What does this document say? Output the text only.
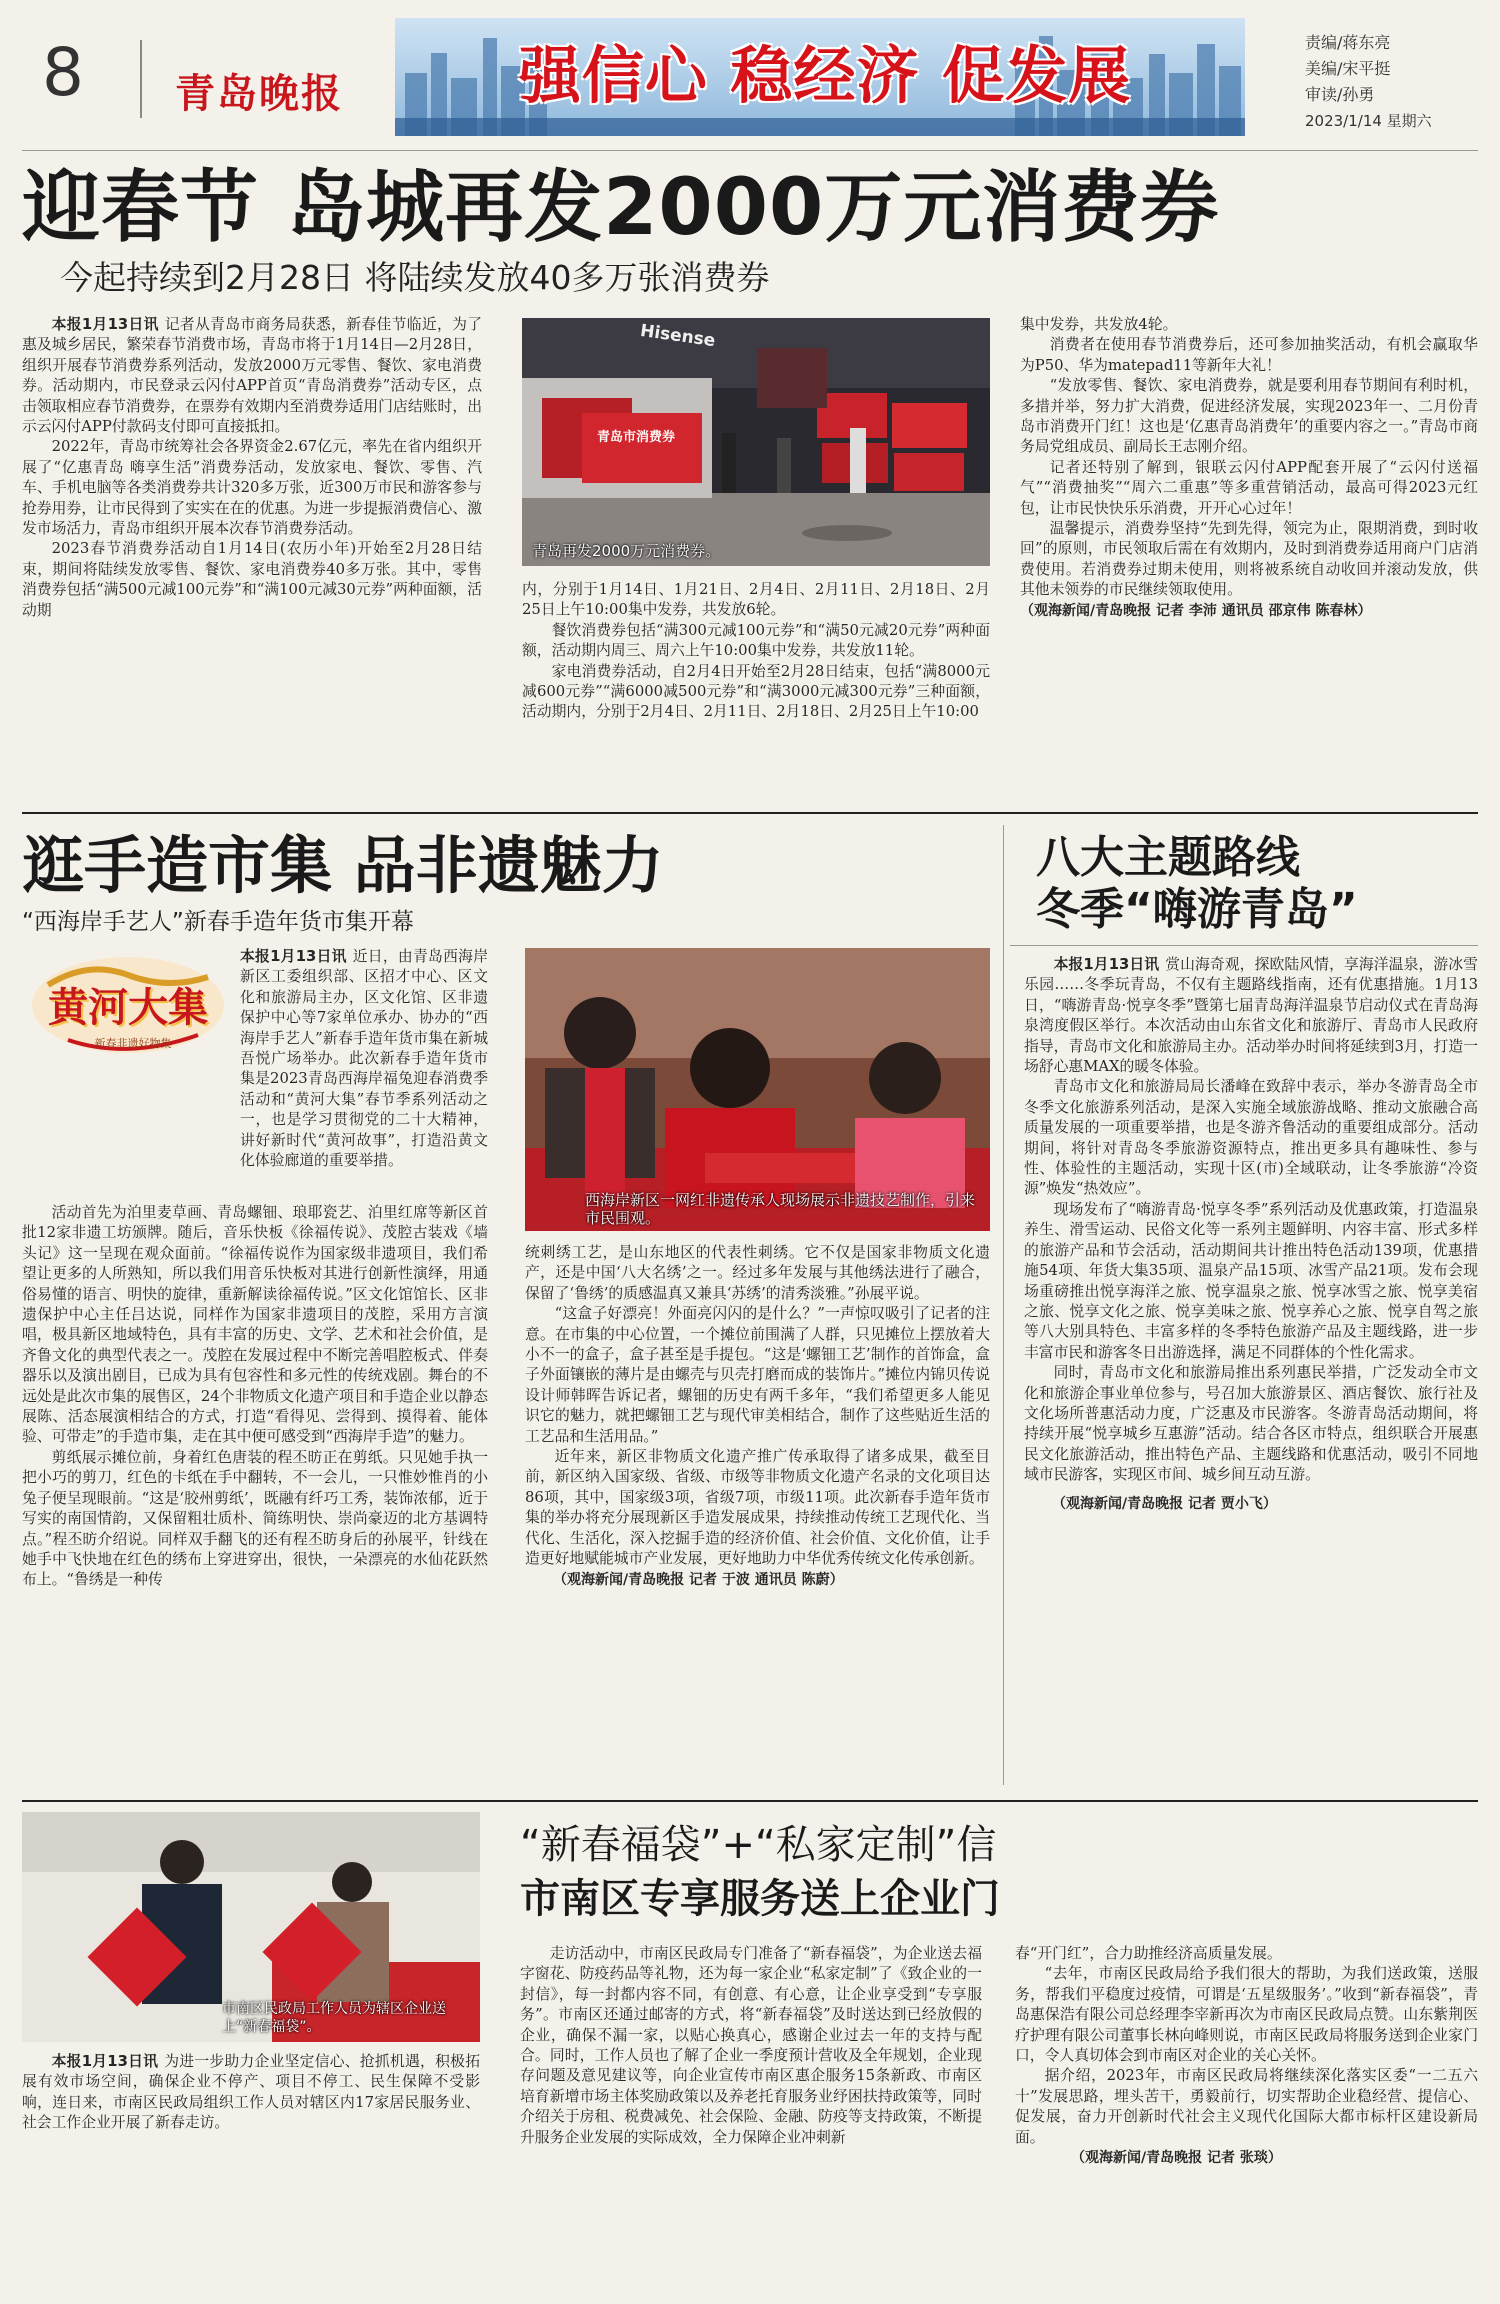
8 青岛晚报	强信心 稳经济 促发展	责编/蒋东亮
美编/宋平挺
审读/孙勇
2023/1/14 星期六
迎春节 岛城再发2000万元消费券
今起持续到2月28日 将陆续发放40多万张消费券

本报1月13日讯 记者从青岛市商务局获悉，新春佳节临近，为了惠及城乡居民，繁荣春节消费市场，青岛市将于1月14日—2月28日，组织开展春节消费券系列活动，发放2000万元零售、餐饮、家电消费券。活动期内，市民登录云闪付APP首页“青岛消费券”活动专区，点击领取相应春节消费券，在票券有效期内至消费券适用门店结账时，出示云闪付APP付款码支付即可直接抵扣。

2022年，青岛市统筹社会各界资金2.67亿元，率先在省内组织开展了“亿惠青岛 嗨享生活”消费券活动，发放家电、餐饮、零售、汽车、手机电脑等各类消费券共计320多万张，近300万市民和游客参与抢券用券，让市民得到了实实在在的优惠。为进一步提振消费信心、激发市场活力，青岛市组织开展本次春节消费券活动。

2023春节消费券活动自1月14日(农历小年)开始至2月28日结束，期间将陆续发放零售、餐饮、家电消费券40多万张。其中，零售消费券包括“满500元减100元券”和“满100元减30元券”两种面额，活动期

Hisense
青岛市消费券
青岛再发2000万元消费券。

内，分别于1月14日、1月21日、2月4日、2月11日、2月18日、2月25日上午10:00集中发券，共发放6轮。

餐饮消费券包括“满300元减100元券”和“满50元减20元券”两种面额，活动期内周三、周六上午10:00集中发券，共发放11轮。

家电消费券活动，自2月4日开始至2月28日结束，包括“满8000元减600元券”“满6000减500元券”和“满3000元减300元券”三种面额，活动期内，分别于2月4日、2月11日、2月18日、2月25日上午10:00

集中发券，共发放4轮。

消费者在使用春节消费券后，还可参加抽奖活动，有机会赢取华为P50、华为matepad11等新年大礼！

“发放零售、餐饮、家电消费券，就是要利用春节期间有利时机，多措并举，努力扩大消费，促进经济发展，实现2023年一、二月份青岛市消费开门红！这也是‘亿惠青岛消费年’的重要内容之一。”青岛市商务局党组成员、副局长王志刚介绍。

记者还特别了解到，银联云闪付APP配套开展了“云闪付送福气”“消费抽奖”“周六二重惠”等多重营销活动，最高可得2023元红包，让市民快快乐乐消费，开开心心过年！

温馨提示，消费券坚持“先到先得，领完为止，限期消费，到时收回”的原则，市民领取后需在有效期内，及时到消费券适用商户门店消费使用。若消费券过期未使用，则将被系统自动收回并滚动发放，供其他未领券的市民继续领取使用。

（观海新闻/青岛晚报 记者 李沛 通讯员 邵京伟 陈春林）

逛手造市集 品非遗魅力
“西海岸手艺人”新春手造年货市集开幕
黄河大集
新春非遗好物集

本报1月13日讯 近日，由青岛西海岸新区工委组织部、区招才中心、区文化和旅游局主办，区文化馆、区非遗保护中心等7家单位承办、协办的“西海岸手艺人”新春手造年货市集在新城吾悦广场举办。此次新春手造年货市集是2023青岛西海岸福兔迎春消费季活动和“黄河大集”春节季系列活动之一，也是学习贯彻党的二十大精神，讲好新时代“黄河故事”，打造沿黄文化体验廊道的重要举措。

活动首先为泊里麦草画、青岛螺钿、琅耶瓷艺、泊里红席等新区首批12家非遗工坊颁牌。随后，音乐快板《徐福传说》、茂腔古装戏《墙头记》这一呈现在观众面前。“徐福传说作为国家级非遗项目，我们希望让更多的人所熟知，所以我们用音乐快板对其进行创新性演绎，用通俗易懂的语言、明快的旋律，重新解读徐福传说。”区文化馆馆长、区非遗保护中心主任吕达说，同样作为国家非遗项目的茂腔，采用方言演唱，极具新区地域特色，具有丰富的历史、文学、艺术和社会价值，是齐鲁文化的典型代表之一。茂腔在发展过程中不断完善唱腔板式、伴奏器乐以及演出剧目，已成为具有包容性和多元性的传统戏剧。舞台的不远处是此次市集的展售区，24个非物质文化遗产项目和手造企业以静态展陈、活态展演相结合的方式，打造“看得见、尝得到、摸得着、能体验、可带走”的手造市集，走在其中便可感受到“西海岸手造”的魅力。

剪纸展示摊位前，身着红色唐装的程丕昉正在剪纸。只见她手执一把小巧的剪刀，红色的卡纸在手中翻转，不一会儿，一只惟妙惟肖的小兔子便呈现眼前。“这是‘胶州剪纸’，既融有纤巧工秀，装饰浓郁，近于写实的南国情韵，又保留粗壮质朴、简练明快、崇尚豪迈的北方基调特点。”程丕昉介绍说。同样双手翻飞的还有程丕昉身后的孙展平，针线在她手中飞快地在红色的绣布上穿进穿出，很快，一朵漂亮的水仙花跃然布上。“鲁绣是一种传

西海岸新区一网红非遗传承人现场展示非遗技艺制作，引来市民围观。

统刺绣工艺，是山东地区的代表性刺绣。它不仅是国家非物质文化遗产，还是中国‘八大名绣’之一。经过多年发展与其他绣法进行了融合，保留了‘鲁绣’的质感温真又兼具‘苏绣’的清秀淡雅。”孙展平说。

“这盒子好漂亮！外面亮闪闪的是什么？”一声惊叹吸引了记者的注意。在市集的中心位置，一个摊位前围满了人群，只见摊位上摆放着大小不一的盒子，盒子甚至是手提包。“这是‘螺钿工艺’制作的首饰盒，盒子外面镶嵌的薄片是由螺壳与贝壳打磨而成的装饰片。”摊位内锦贝传说设计师韩晖告诉记者，螺钿的历史有两千多年，“我们希望更多人能见识它的魅力，就把螺钿工艺与现代审美相结合，制作了这些贴近生活的工艺品和生活用品。”

近年来，新区非物质文化遗产推广传承取得了诸多成果，截至目前，新区纳入国家级、省级、市级等非物质文化遗产名录的文化项目达86项，其中，国家级3项，省级7项，市级11项。此次新春手造年货市集的举办将充分展现新区手造发展成果，持续推动传统工艺现代化、当代化、生活化，深入挖掘手造的经济价值、社会价值、文化价值，让手造更好地赋能城市产业发展，更好地助力中华优秀传统文化传承创新。

（观海新闻/青岛晚报 记者 于波 通讯员 陈蔚）

八大主题路线
冬季“嗨游青岛”

本报1月13日讯 赏山海奇观，探欧陆风情，享海洋温泉，游冰雪乐园……冬季玩青岛，不仅有主题路线指南，还有优惠措施。1月13日，“嗨游青岛·悦享冬季”暨第七届青岛海洋温泉节启动仪式在青岛海泉湾度假区举行。本次活动由山东省文化和旅游厅、青岛市人民政府指导，青岛市文化和旅游局主办。活动举办时间将延续到3月，打造一场舒心惠MAX的暖冬体验。

青岛市文化和旅游局局长潘峰在致辞中表示，举办冬游青岛全市冬季文化旅游系列活动，是深入实施全域旅游战略、推动文旅融合高质量发展的一项重要举措，也是冬游齐鲁活动的重要组成部分。活动期间，将针对青岛冬季旅游资源特点，推出更多具有趣味性、参与性、体验性的主题活动，实现十区(市)全域联动，让冬季旅游“冷资源”焕发“热效应”。

现场发布了“嗨游青岛·悦享冬季”系列活动及优惠政策，打造温泉养生、滑雪运动、民俗文化等一系列主题鲜明、内容丰富、形式多样的旅游产品和节会活动，活动期间共计推出特色活动139项，优惠措施54项、年货大集35项、温泉产品15项、冰雪产品21项。发布会现场重磅推出悦享海洋之旅、悦享温泉之旅、悦享冰雪之旅、悦享美宿之旅、悦享文化之旅、悦享美味之旅、悦享养心之旅、悦享自驾之旅等八大别具特色、丰富多样的冬季特色旅游产品及主题线路，进一步丰富市民和游客冬日出游选择，满足不同群体的个性化需求。

同时，青岛市文化和旅游局推出系列惠民举措，广泛发动全市文化和旅游企事业单位参与，号召加大旅游景区、酒店餐饮、旅行社及文化场所普惠活动力度，广泛惠及市民游客。冬游青岛活动期间，将持续开展“悦享城乡互惠游”活动。结合各区市特点，组织联合开展惠民文化旅游活动，推出特色产品、主题线路和优惠活动，吸引不同地域市民游客，实现区市间、城乡间互动互游。

（观海新闻/青岛晚报 记者 贾小飞）

市南区民政局工作人员为辖区企业送上“新春福袋”。

本报1月13日讯 为进一步助力企业坚定信心、抢抓机遇，积极拓展有效市场空间，确保企业不停产、项目不停工、民生保障不受影响，连日来，市南区民政局组织工作人员对辖区内17家居民服务业、社会工作企业开展了新春走访。

“新春福袋”+“私家定制”信
市南区专享服务送上企业门

走访活动中，市南区民政局专门准备了“新春福袋”，为企业送去福字窗花、防疫药品等礼物，还为每一家企业“私家定制”了《致企业的一封信》，每一封都内容不同，有创意、有心意，让企业享受到“专享服务”。市南区还通过邮寄的方式，将“新春福袋”及时送达到已经放假的企业，确保不漏一家，以贴心换真心，感谢企业过去一年的支持与配合。同时，工作人员也了解了企业一季度预计营收及全年规划，企业现存问题及意见建议等，向企业宣传市南区惠企服务15条新政、市南区培育新增市场主体奖励政策以及养老托育服务业纾困扶持政策等，同时介绍关于房租、税费减免、社会保险、金融、防疫等支持政策，不断提升服务企业发展的实际成效，全力保障企业冲刺新

春“开门红”，合力助推经济高质量发展。

“去年，市南区民政局给予我们很大的帮助，为我们送政策，送服务，帮我们平稳度过疫情，可谓是‘五星级服务’。”收到“新春福袋”，青岛惠保浩有限公司总经理李宰新再次为市南区民政局点赞。山东紫荆医疗护理有限公司董事长林向峰则说，市南区民政局将服务送到企业家门口，令人真切体会到市南区对企业的关心关怀。

据介绍，2023年，市南区民政局将继续深化落实区委“一二五六十”发展思路，埋头苦干，勇毅前行，切实帮助企业稳经营、提信心、促发展，奋力开创新时代社会主义现代化国际大都市标杆区建设新局面。

（观海新闻/青岛晚报 记者 张琰）
